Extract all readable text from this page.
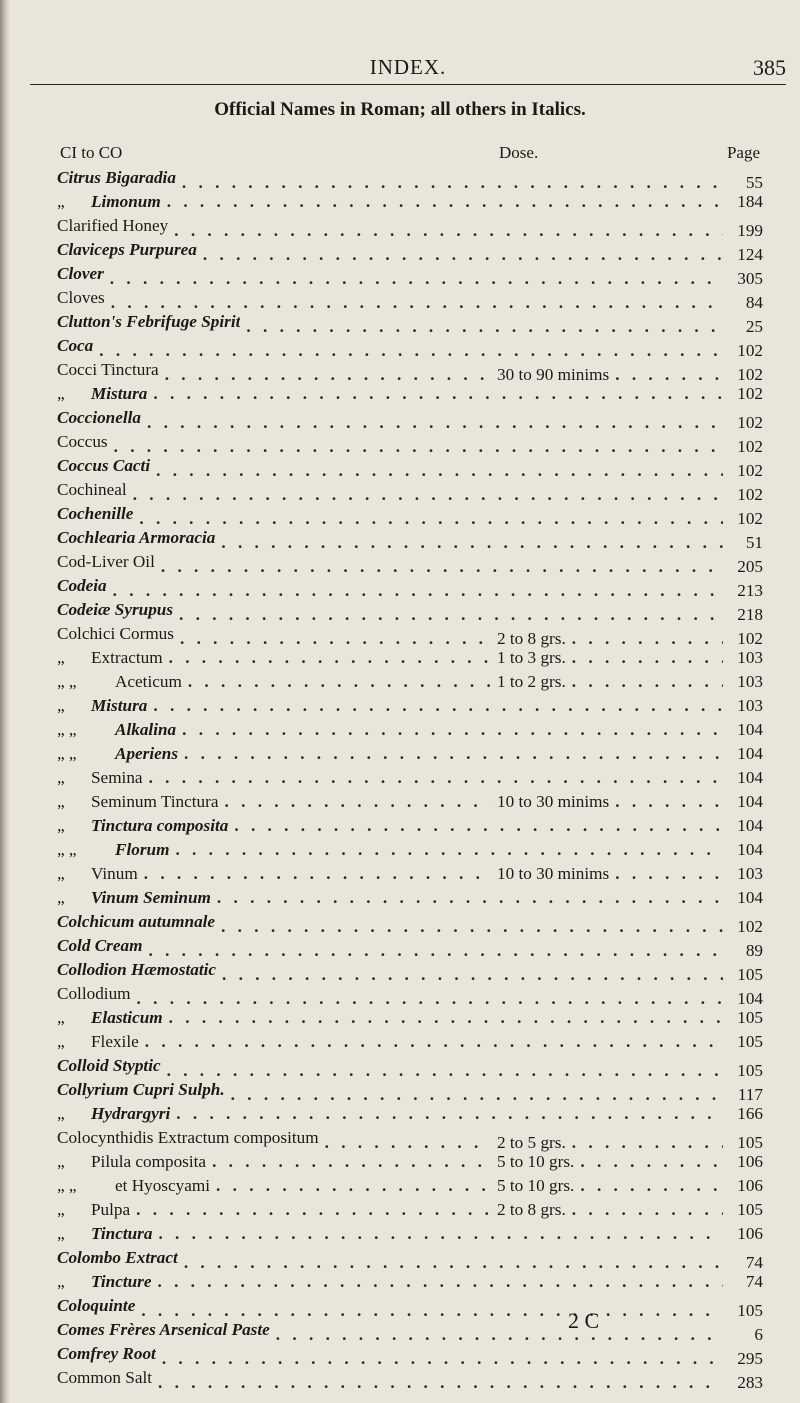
INDEX.	385
Official Names in Roman; all others in Italics.
CI to CO	Dose.	Page
Citrus Bigaradia . . .	55
„	Limonum . . .	184
Clarified Honey . . .	199
Claviceps Purpurea . . .	124
Clover . . .	305
Cloves . . .	84
Clutton's Febrifuge Spirit . . .	25
Coca . . .	102
Cocci Tinctura . . .	30 to 90 minims . . .	102
„	Mistura . . .	102
Coccionella . . .	102
Coccus . . .	102
Coccus Cacti . . .	102
Cochineal . . .	102
Cochenille . . .	102
Cochlearia Armoracia . . .	51
Cod-Liver Oil . . .	205
Codeia . . .	213
Codeiæ Syrupus . . .	218
Colchici Cormus . . .	2 to 8 grs. . . .	102
„	Extractum . . .	1 to 3 grs. . . .	103
„ „	Aceticum . . .	1 to 2 grs. . . .	103
„	Mistura . . .	103
„ „	Alkalina . . .	104
„ „	Aperiens . . .	104
„	Semina . . .	104
„	Seminum Tinctura . . .	10 to 30 minims . . .	104
„	Tinctura composita . . .	104
„ „	Florum . . .	104
„	Vinum . . .	10 to 30 minims . . .	103
„	Vinum Seminum . . .	104
Colchicum autumnale . . .	102
Cold Cream . . .	89
Collodion Hæmostatic . . .	105
Collodium . . .	104
„	Elasticum . . .	105
„	Flexile . . .	105
Colloid Styptic . . .	105
Collyrium Cupri Sulph. . . .	117
„	Hydrargyri . . .	166
Colocynthidis Extractum compositum . . .	2 to 5 grs. . . .	105
„	Pilula composita . . .	5 to 10 grs. . . .	106
„ „	et Hyoscyami . . .	5 to 10 grs. . . .	106
„	Pulpa . . .	2 to 8 grs. . . .	105
„	Tinctura . . .	106
Colombo Extract . . .	74
„	Tincture . . .	74
Coloquinte . . .	105
Comes Frères Arsenical Paste . . .	6
Comfrey Root . . .	295
Common Salt . . .	283
2 C
